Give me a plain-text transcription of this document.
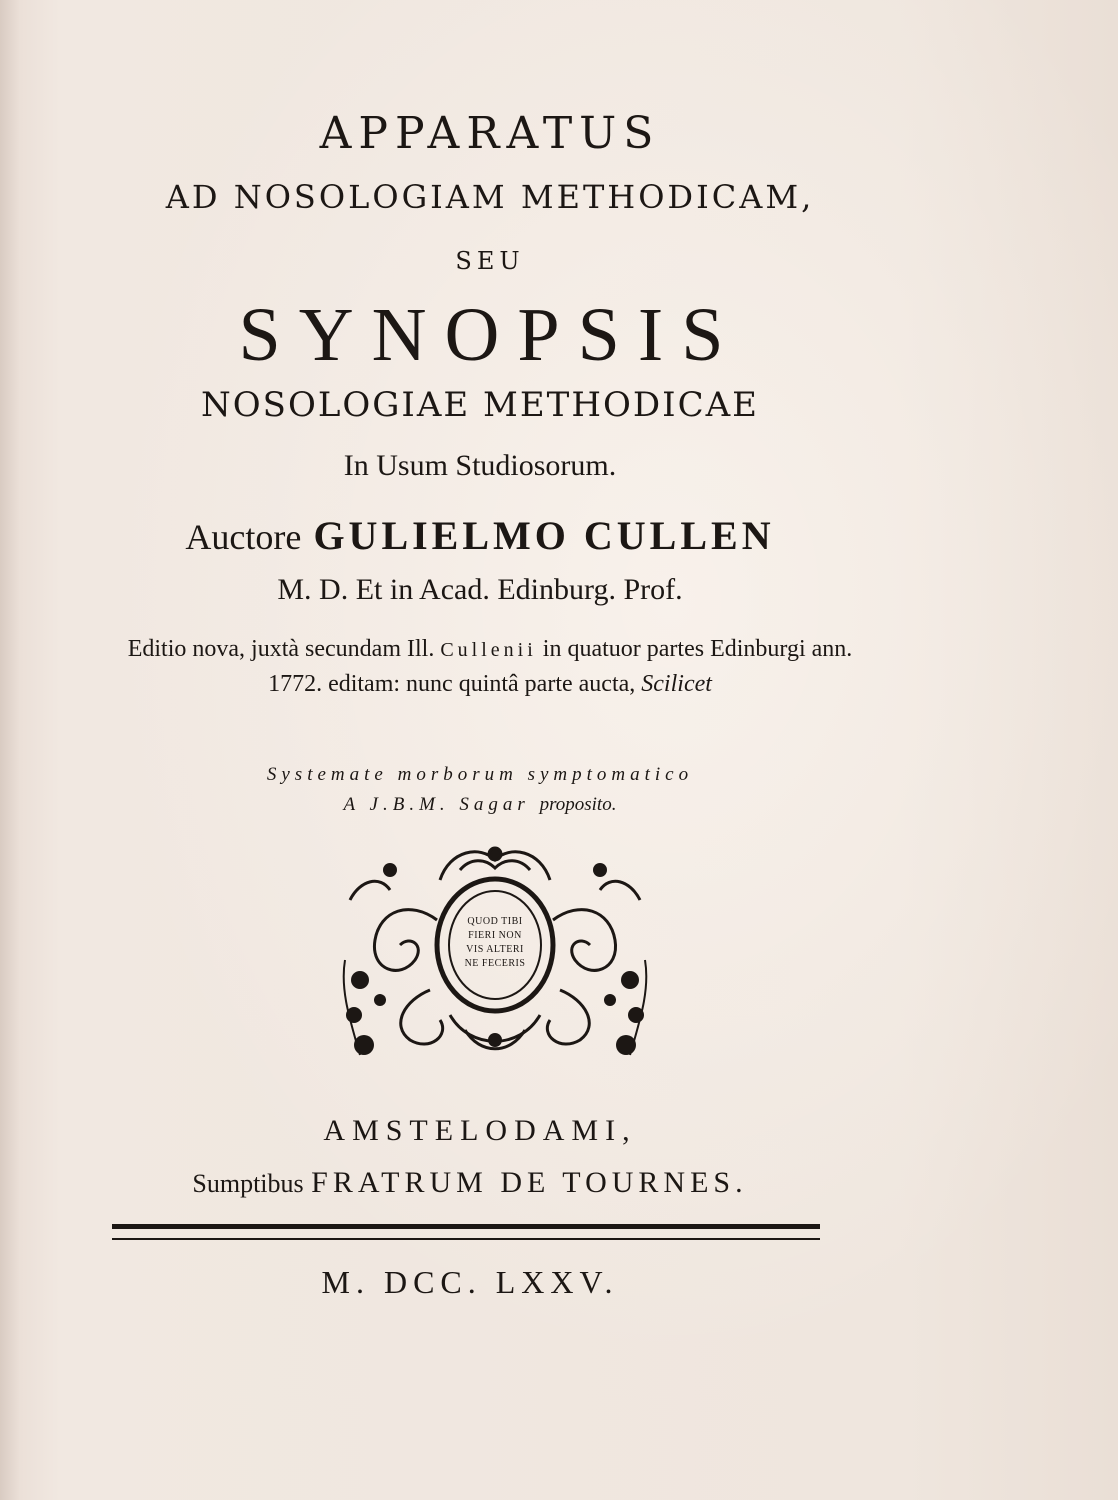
APPARATUS
AD NOSOLOGIAM METHODICAM,
SEU
SYNOPSIS
NOSOLOGIAE METHODICAE
In Usum Studiosorum.
Auctore GULIELMO CULLEN
M. D. Et in Acad. Edinburg. Prof.
Editio nova, juxtà secundam Ill. Cullenii in quatuor partes Edinburgi ann. 1772. editam: nunc quintâ parte aucta, Scilicet
Systemate morborum symptomatico
A J.B.M. Sagar proposito.
QUOD TIBI
FIERI NON
VIS ALTERI
NE FECERIS
AMSTELODAMI,
Sumptibus FRATRUM DE TOURNES.
M. DCC. LXXV.
